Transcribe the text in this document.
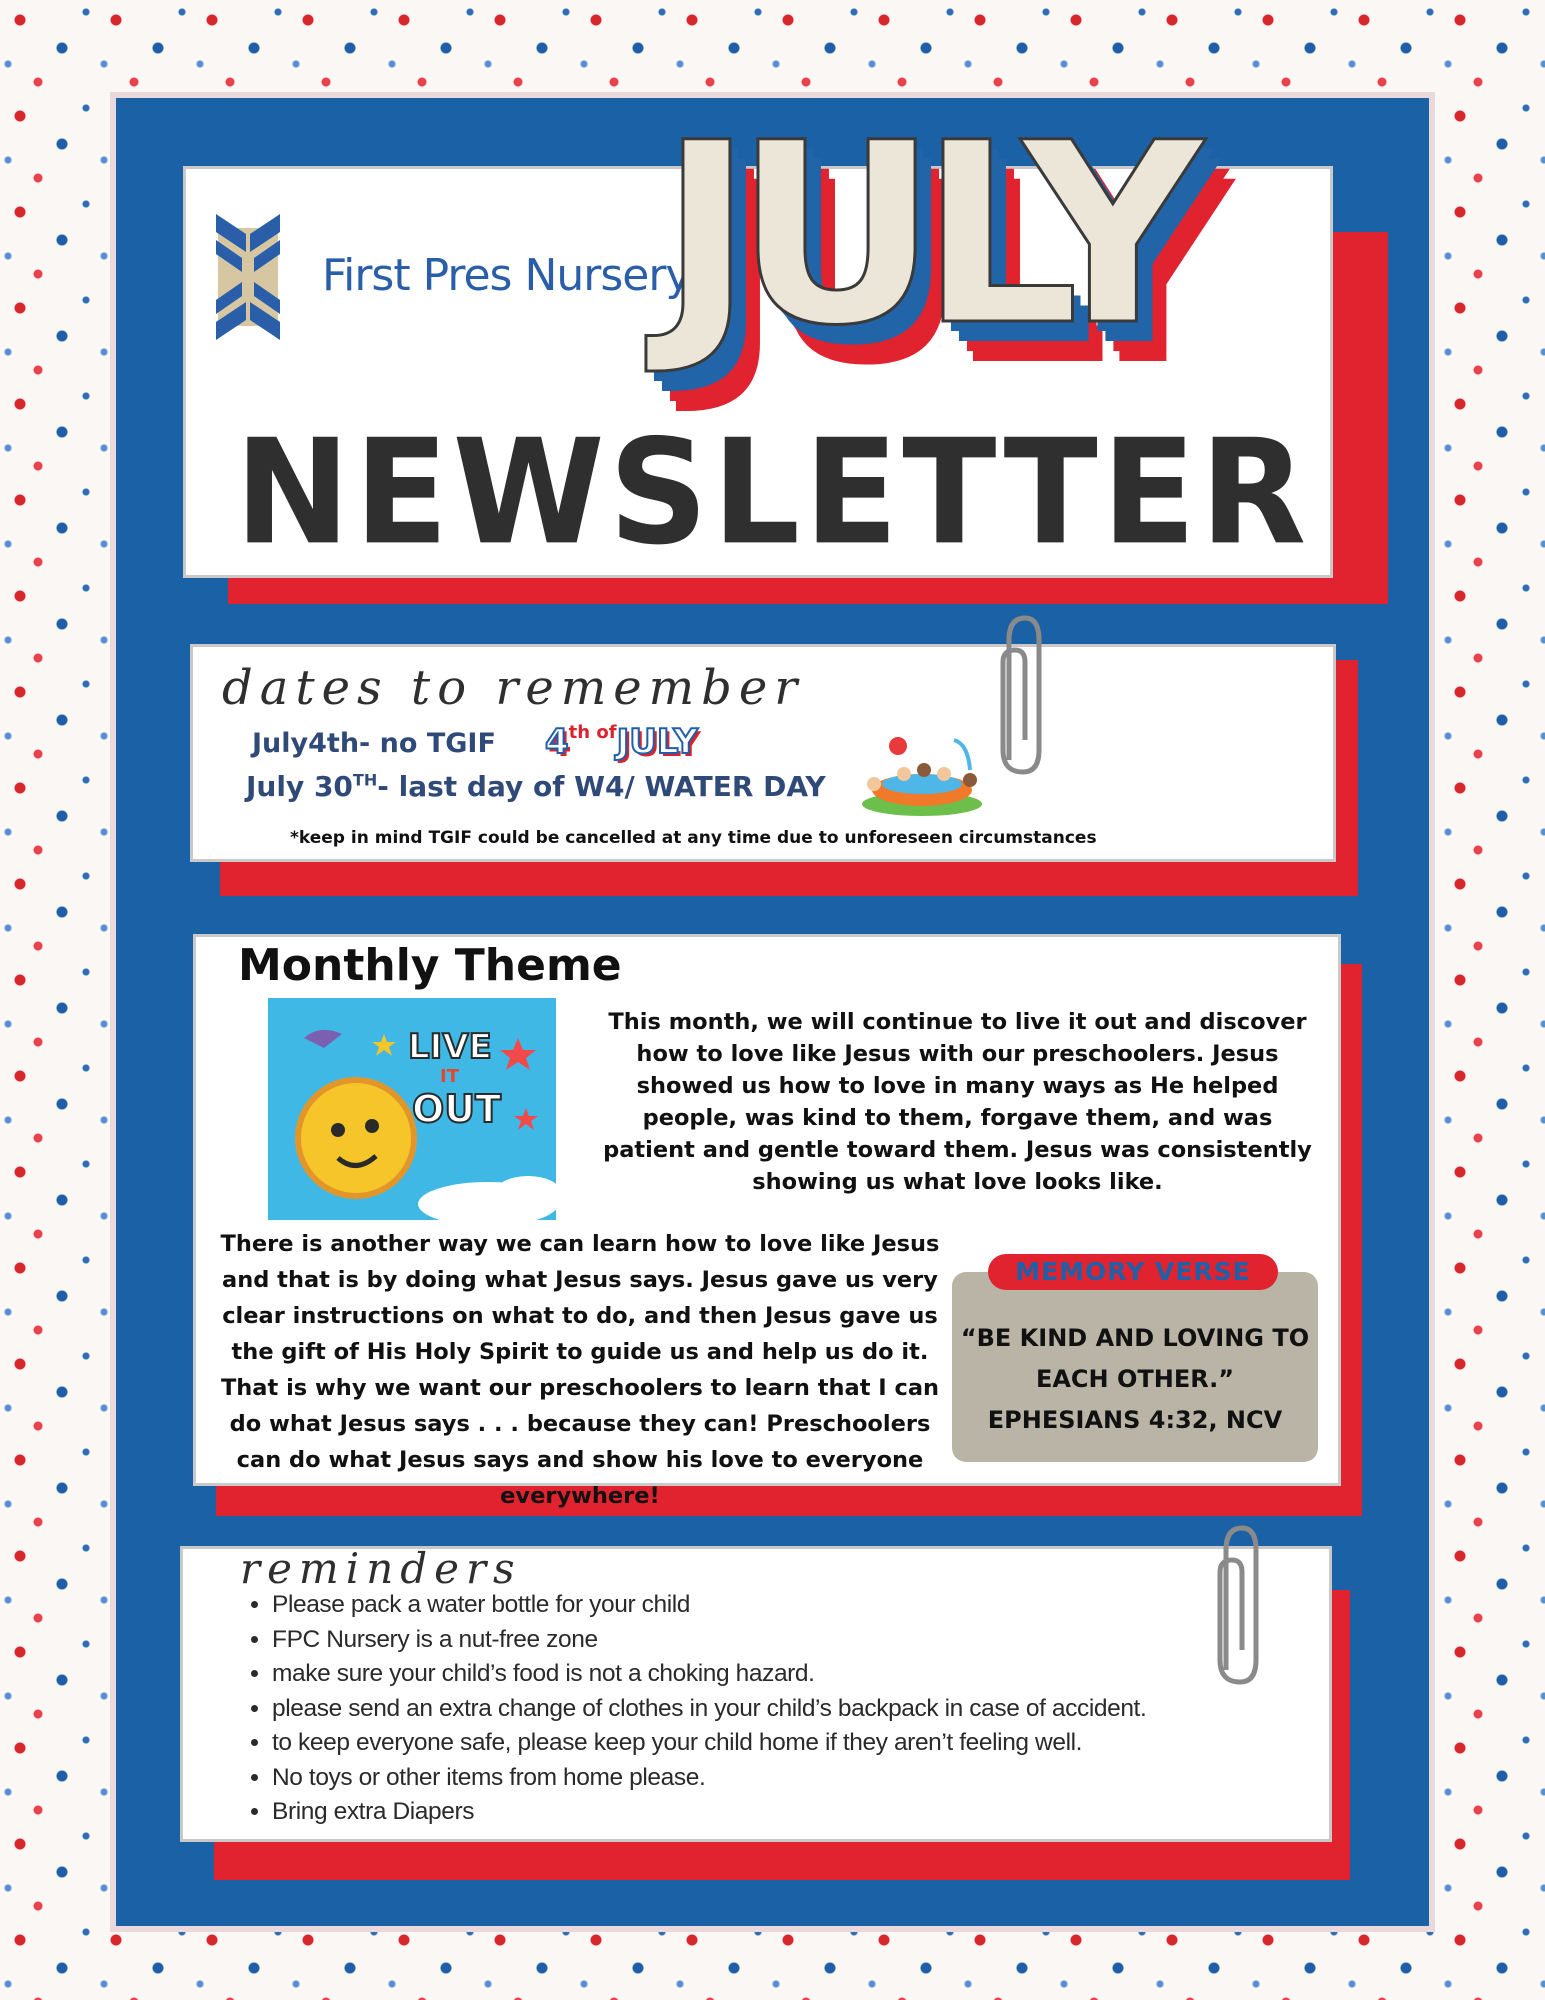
First Pres Nursery
JULY
NEWSLETTER
dates to remember
July4th- no TGIF 4th ofJULY
July 30TH- last day of W4/ WATER DAY
*keep in mind TGIF could be cancelled at any time due to unforeseen circumstances
Monthly Theme
LIVE
IT
OUT
This month, we will continue to live it out and discover how to love like Jesus with our preschoolers. Jesus showed us how to love in many ways as He helped people, was kind to them, forgave them, and was patient and gentle toward them. Jesus was consistently showing us what love looks like.
There is another way we can learn how to love like Jesus and that is by doing what Jesus says. Jesus gave us very clear instructions on what to do, and then Jesus gave us the gift of His Holy Spirit to guide us and help us do it. That is why we want our preschoolers to learn that I can do what Jesus says . . . because they can! Preschoolers can do what Jesus says and show his love to everyone everywhere!
MEMORY VERSE
“BE KIND AND LOVING TO EACH OTHER.” EPHESIANS 4:32, NCV
reminders
• Please pack a water bottle for your child
• FPC Nursery is a nut-free zone
• make sure your child’s food is not a choking hazard.
• please send an extra change of clothes in your child’s backpack in case of accident.
• to keep everyone safe, please keep your child home if they aren’t feeling well.
• No toys or other items from home please.
• Bring extra Diapers
